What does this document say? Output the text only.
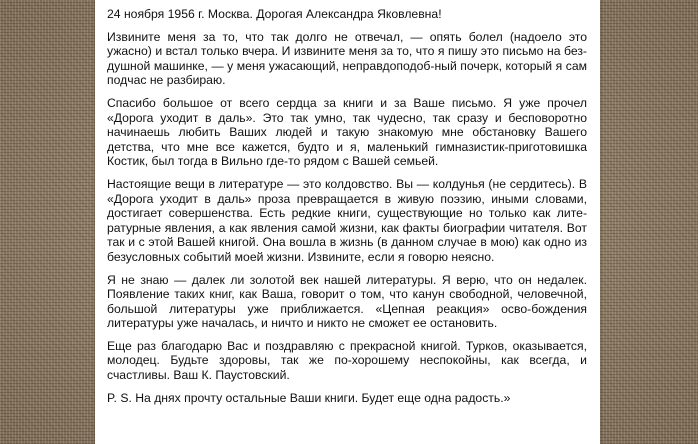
24 ноября 1956 г. Москва. Дорогая Александра Яковлевна!

Извините меня за то, что так долго не отвечал, — опять болел (надоело это ужасно) и встал только вчера. И извините меня за то, что я пишу это письмо на без-душной машинке, — у меня ужасающий, неправдоподоб-ный почерк, который я сам подчас не разбираю.

Спасибо большое от всего сердца за книги и за Ваше письмо. Я уже прочел «Дорога уходит в даль». Это так умно, так чудесно, так сразу и бесповоротно начинаешь любить Ваших людей и такую знакомую мне обстановку Вашего детства, что мне все кажется, будто и я, маленький гимназистик-приготовишка Костик, был тогда в Вильно где-то рядом с Вашей семьей.

Настоящие вещи в литературе — это колдовство. Вы — колдунья (не сердитесь). В «Дорога уходит в даль» проза превращается в живую поэзию, иными словами, достигает совершенства. Есть редкие книги, существующие но только как лите-ратурные явления, а как явления самой жизни, как факты биографии читателя. Вот так и с этой Вашей книгой. Она вошла в жизнь (в данном случае в мою) как одно из безусловных событий моей жизни. Извините, если я говорю неясно.

Я не знаю — далек ли золотой век нашей литературы. Я верю, что он недалек. Появление таких книг, как Ваша, говорит о том, что канун свободной, человечной, большой литературы уже приближается. «Цепная реакция» осво-бождения литературы уже началась, и ничто и никто не сможет ее остановить.

Еще раз благодарю Вас и поздравляю с прекрасной книгой. Турков, оказывается, молодец. Будьте здоровы, так же по-хорошему неспокойны, как всегда, и счастливы. Ваш К. Паустовский.

P. S. На днях прочту остальные Ваши книги. Будет еще одна радость.»
